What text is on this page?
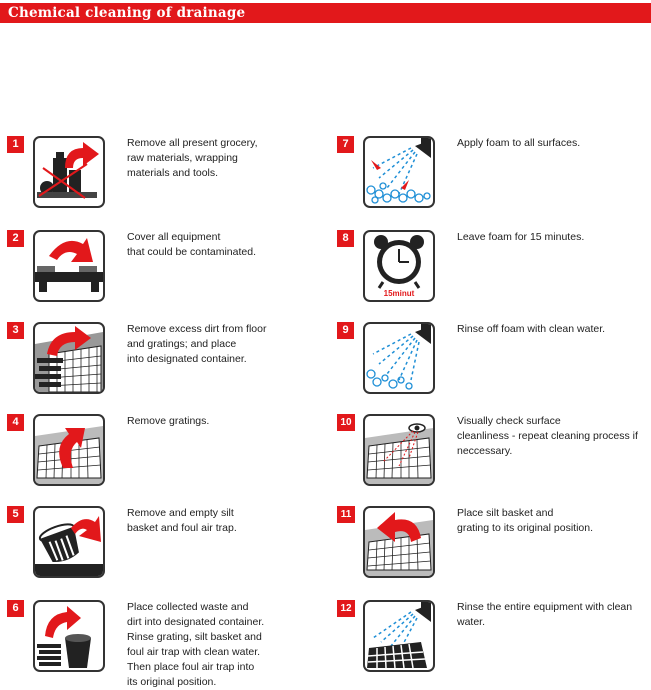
Chemical cleaning of drainage
1	Remove all present grocery,
raw materials, wrapping
materials and tools.
2	Cover all equipment
that could be contaminated.
3	Remove excess dirt from floor
and gratings; and place
into designated container.
4	Remove gratings.
5	Remove and empty silt
basket and foul air trap.
6	Place collected waste and
dirt into designated container.
Rinse grating, silt basket and
foul air trap with clean water.
Then place foul air trap into
its original position.
7	Apply foam to all surfaces.
8
15minut
Leave foam for 15 minutes.
9	Rinse off foam with clean water.
10	Visually check surface
cleanliness - repeat cleaning process if
neccessary.
11	Place silt basket and
grating to its original position.
12	Rinse the entire equipment with clean
water.
